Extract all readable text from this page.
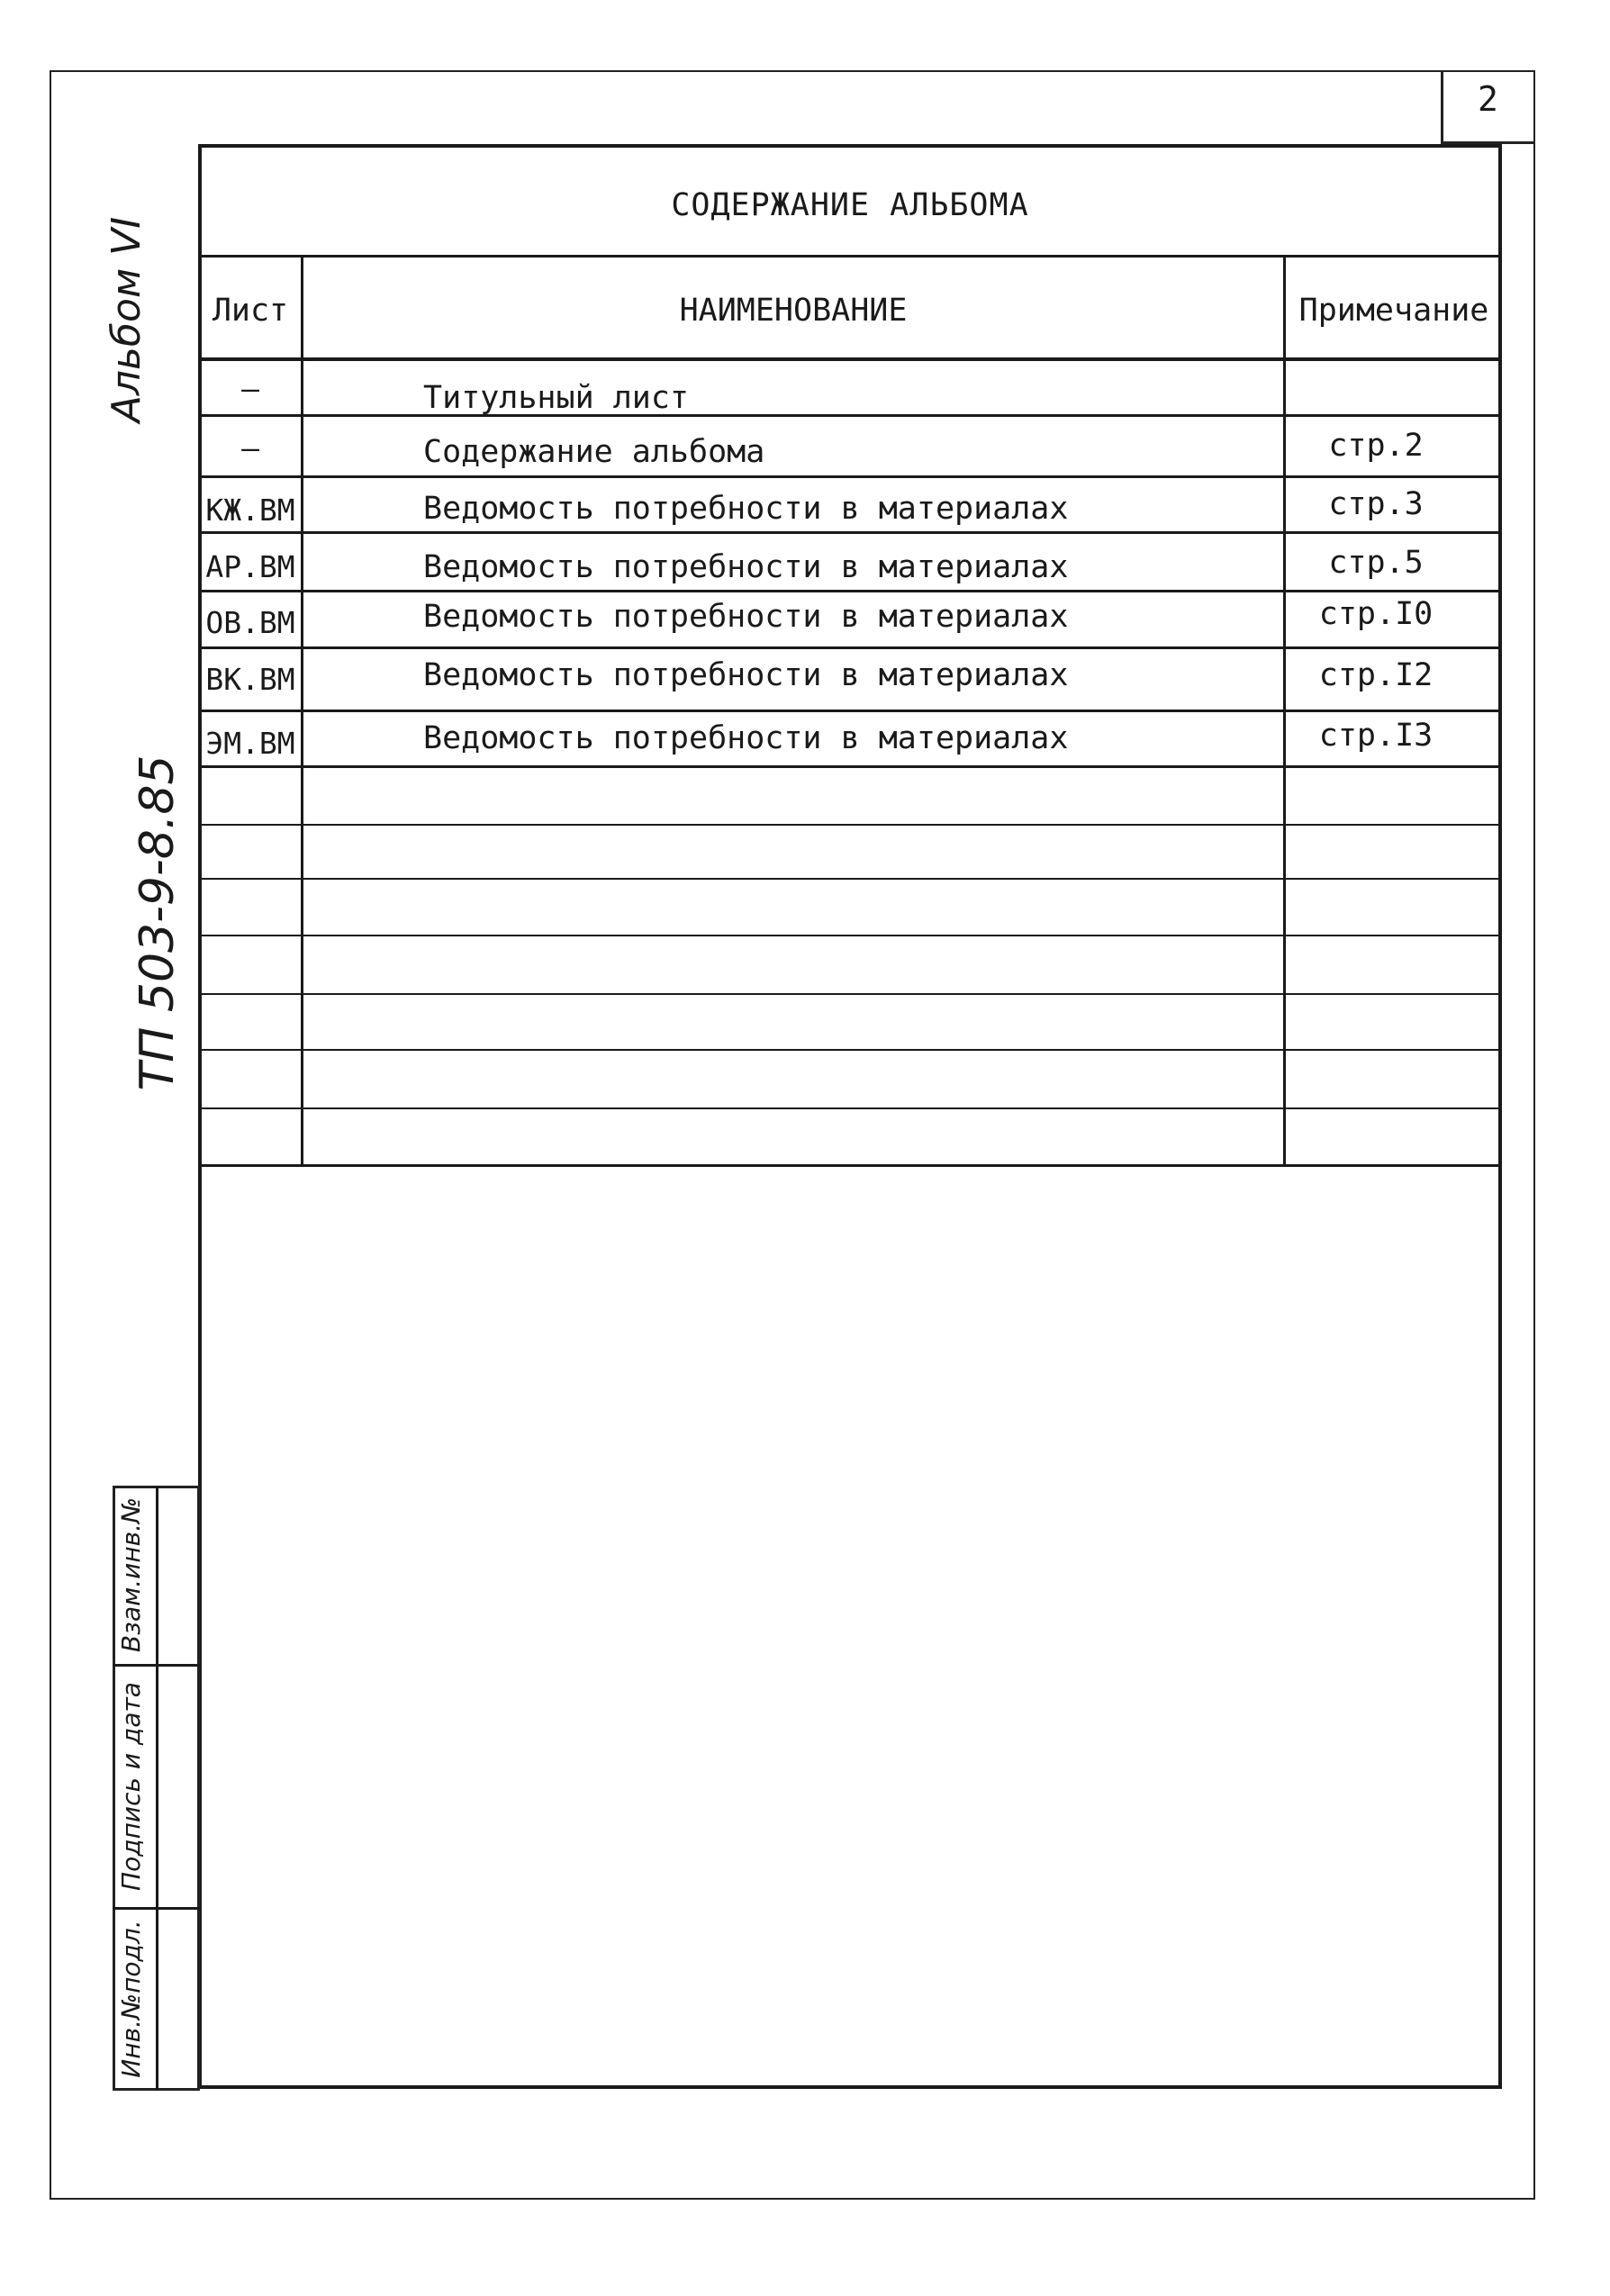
2
СОДЕРЖАНИЕ АЛЬБОМА
Лист	НАИМЕНОВАНИЕ	Примечание
–	Титульный лист
–	Содержание альбома	стр.2
КЖ.ВМ	Ведомость потребности в материалах	стр.3
АР.ВМ	Ведомость потребности в материалах	стр.5
ОВ.ВМ	Ведомость потребности в материалах	стр.I0
ВК.ВМ	Ведомость потребности в материалах	стр.I2
ЭМ.ВМ	Ведомость потребности в материалах	стр.I3
Альбом VI
ТП 503-9-8.85
Взам.инв.№
Подпись и дата
Инв.№подл.
